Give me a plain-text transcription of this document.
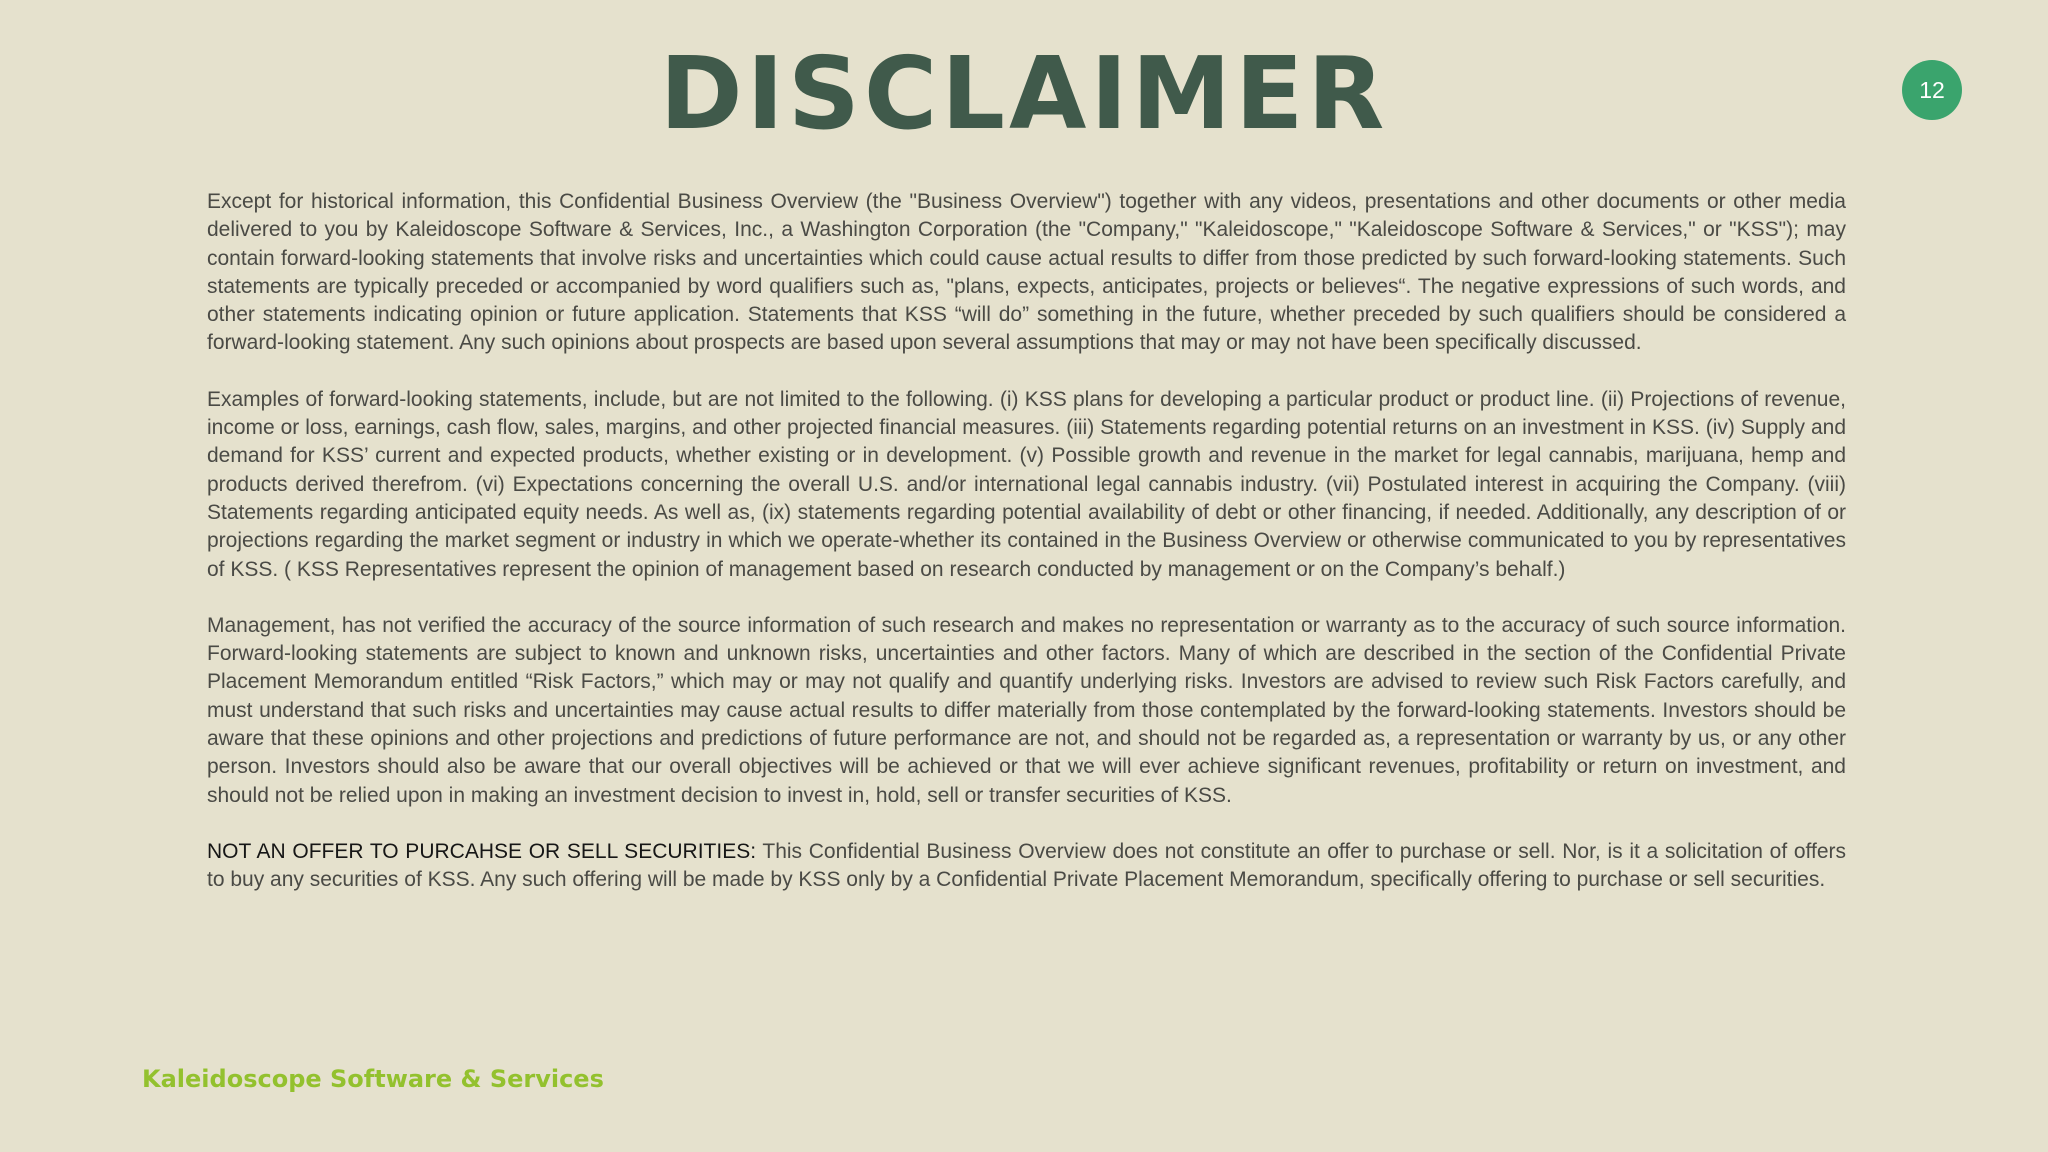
DISCLAIMER	12

Except for historical information, this Confidential Business Overview (the "Business Overview") together with any videos, presentations and other documents or other media delivered to you by Kaleidoscope Software & Services, Inc., a Washington Corporation (the "Company," "Kaleidoscope," "Kaleidoscope Software & Services," or "KSS"); may contain forward-looking statements that involve risks and uncertainties which could cause actual results to differ from those predicted by such forward-looking statements. Such statements are typically preceded or accompanied by word qualifiers such as, "plans, expects, anticipates, projects or believes“. The negative expressions of such words, and other statements indicating opinion or future application. Statements that KSS “will do” something in the future, whether preceded by such qualifiers should be considered a forward-looking statement. Any such opinions about prospects are based upon several assumptions that may or may not have been specifically discussed.

Examples of forward-looking statements, include, but are not limited to the following. (i) KSS plans for developing a particular product or product line. (ii) Projections of revenue, income or loss, earnings, cash flow, sales, margins, and other projected financial measures. (iii) Statements regarding potential returns on an investment in KSS. (iv) Supply and demand for KSS’ current and expected products, whether existing or in development. (v) Possible growth and revenue in the market for legal cannabis, marijuana, hemp and products derived therefrom. (vi) Expectations concerning the overall U.S. and/or international legal cannabis industry. (vii) Postulated interest in acquiring the Company. (viii) Statements regarding anticipated equity needs. As well as, (ix) statements regarding potential availability of debt or other financing, if needed. Additionally, any description of or projections regarding the market segment or industry in which we operate-whether its contained in the Business Overview or otherwise communicated to you by representatives of KSS. ( KSS Representatives represent the opinion of management based on research conducted by management or on the Company’s behalf.)

Management, has not verified the accuracy of the source information of such research and makes no representation or warranty as to the accuracy of such source information. Forward-looking statements are subject to known and unknown risks, uncertainties and other factors. Many of which are described in the section of the Confidential Private Placement Memorandum entitled “Risk Factors,” which may or may not qualify and quantify underlying risks. Investors are advised to review such Risk Factors carefully, and must understand that such risks and uncertainties may cause actual results to differ materially from those contemplated by the forward-looking statements. Investors should be aware that these opinions and other projections and predictions of future performance are not, and should not be regarded as, a representation or warranty by us, or any other person. Investors should also be aware that our overall objectives will be achieved or that we will ever achieve significant revenues, profitability or return on investment, and should not be relied upon in making an investment decision to invest in, hold, sell or transfer securities of KSS.

NOT AN OFFER TO PURCAHSE OR SELL SECURITIES: This Confidential Business Overview does not constitute an offer to purchase or sell. Nor, is it a solicitation of offers to buy any securities of KSS. Any such offering will be made by KSS only by a Confidential Private Placement Memorandum, specifically offering to purchase or sell securities.

Kaleidoscope Software & Services
